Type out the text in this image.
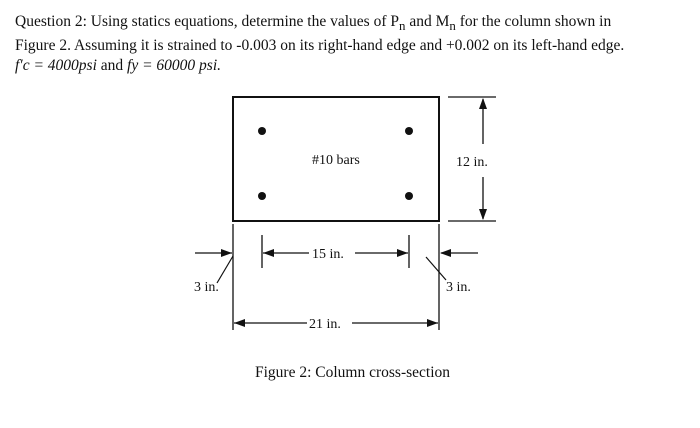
Question 2: Using statics equations, determine the values of $P_n$ and $M_n$ for the column shown in
Figure 2. Assuming it is strained to -0.003 on its right-hand edge and +0.002 on its left-hand edge.
f′c = 4000psi and fy = 60000 psi.
#10 bars	12 in.
15 in.
3 in.	3 in.
21 in.
Figure 2: Column cross-section
